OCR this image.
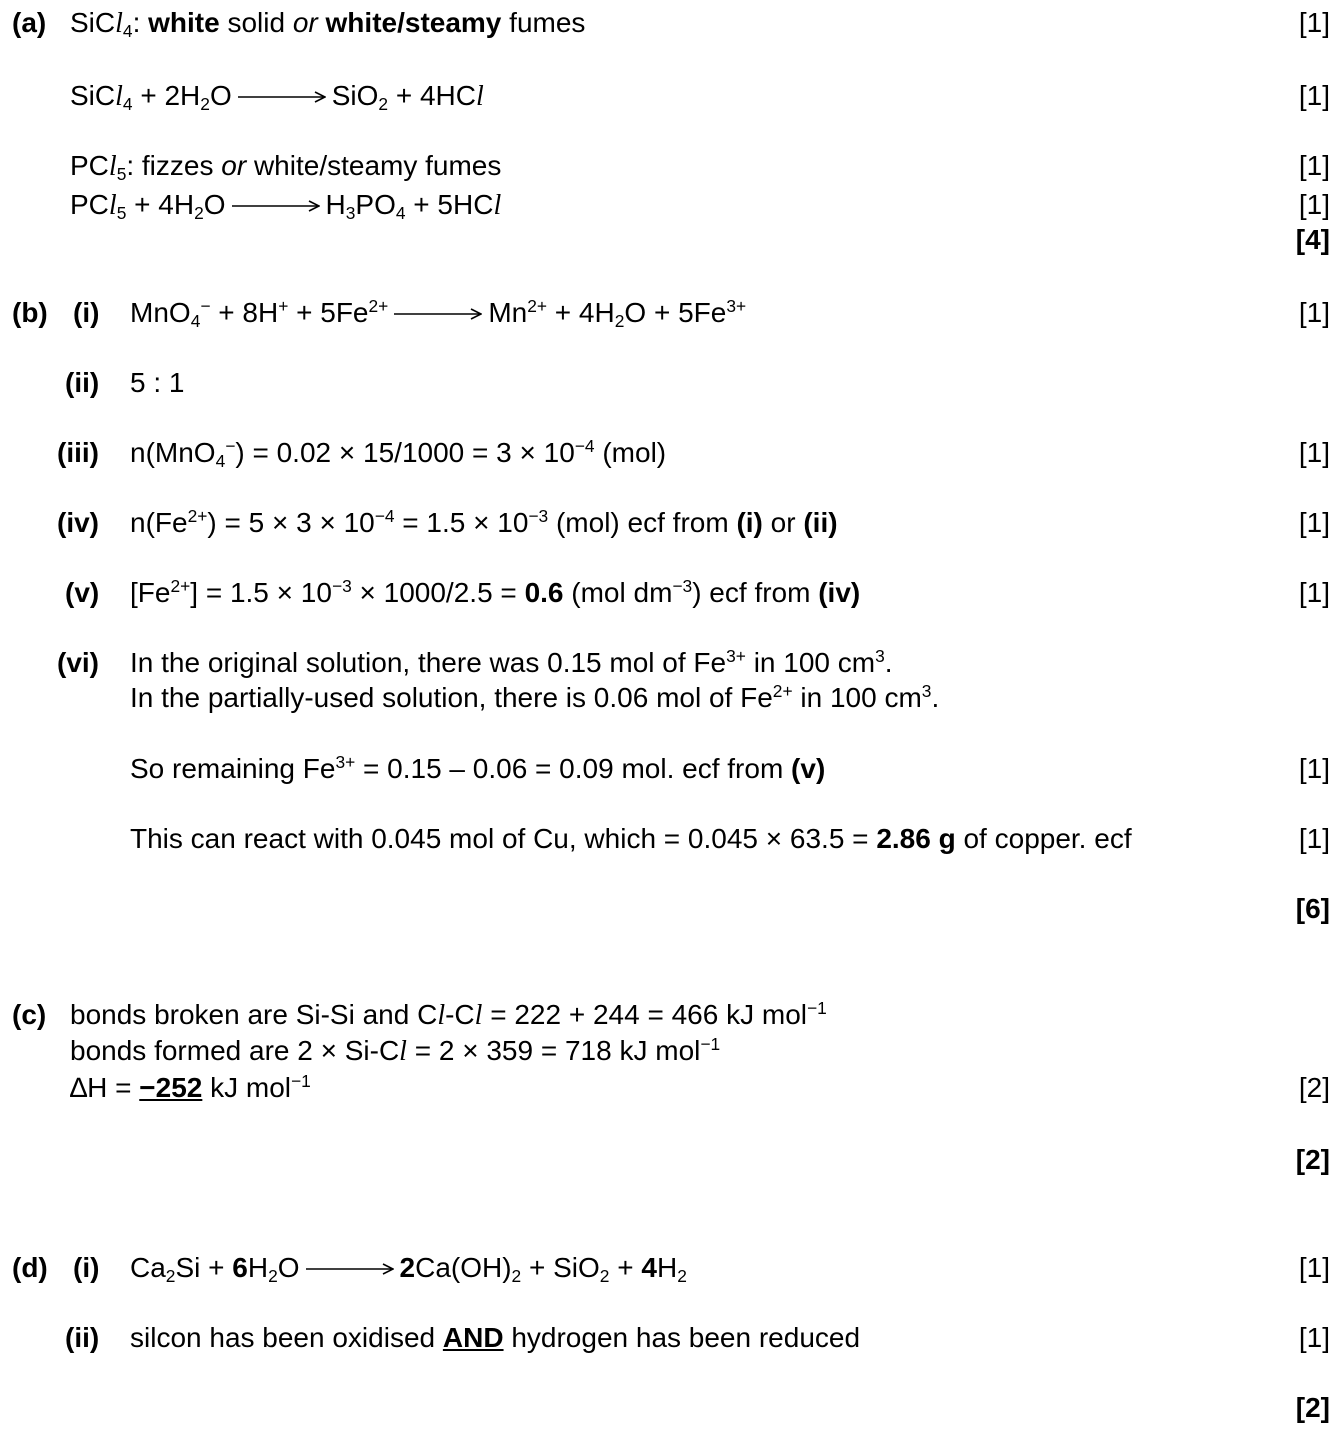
(a) SiCl$_4$: white solid or white/steamy fumes	[1]
SiCl$_4$ + $2H_2O \to SiO_2 + 4HCl$	[1]
PCl$_5$: fizzes or white/steamy fumes	[1]
$PCl_5 + 4H_2O \to H_3PO_4 + 5HCl$	[1]
[4]
(b) (i) $MnO_4^- + 8H^+ + 5Fe^{2+} \to Mn^{2+} + 4H_2O + 5Fe^{3+}$	[1]
(ii) 5 : 1
(iii) $n(MnO_4^-) = 0.02 \times 15/1000 = 3 \times 10^{-4}$ (mol)	[1]
(iv) $n(Fe^{2+}) = 5 \times 3 \times 10^{-4} = 1.5 \times 10^{-3}$ (mol) ecf from (i) or (ii)	[1]
(v) $[Fe^{2+}] = 1.5 \times 10^{-3} \times 1000/2.5 = 0.6$ (mol $dm^{-3}$) ecf from (iv)	[1]
(vi) In the original solution, there was 0.15 mol of $Fe^{3+}$ in 100 $cm^3$.
In the partially-used solution, there is 0.06 mol of $Fe^{2+}$ in 100 $cm^3$.
So remaining $Fe^{3+} = 0.15 - 0.06 = 0.09$ mol. ecf from (v)	[1]
This can react with 0.045 mol of Cu, which = 0.045 × 63.5 = 2.86 g of copper. ecf	[1]
[6]
(c) bonds broken are Si-Si and Cl-Cl = 222 + 244 = 466 kJ mol$^{-1}$
bonds formed are 2 × Si-Cl = 2 × 359 = 718 kJ mol$^{-1}$
∆H = −252 kJ mol$^{-1}$	[2]
[2]
(d) (i) $Ca_2Si + 6H_2O \to 2Ca(OH)_2 + SiO_2 + 4H_2$	[1]
(ii) silcon has been oxidised AND hydrogen has been reduced	[1]
[2]
